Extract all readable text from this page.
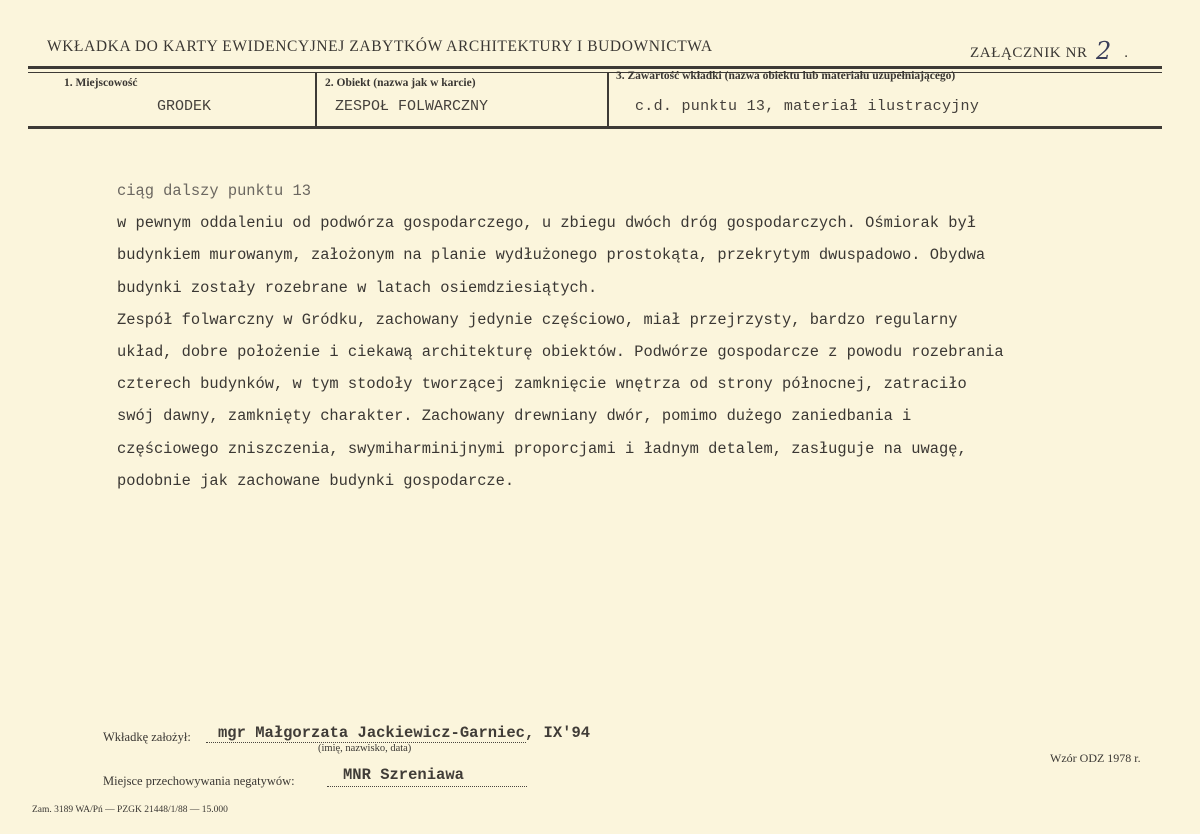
WKŁADKA DO KARTY EWIDENCYJNEJ ZABYTKÓW ARCHITEKTURY I BUDOWNICTWA	ZAŁĄCZNIK NR 2 .
1. Miejscowość
GRODEK
2. Obiekt (nazwa jak w karcie)
ZESPOŁ FOLWARCZNY
3. Zawartość wkładki (nazwa obiektu lub materiału uzupełniającego)
c.d. punktu 13, materiał ilustracyjny
ciąg dalszy punktu 13
w pewnym oddaleniu od podwórza gospodarczego, u zbiegu dwóch dróg gospodarczych. Ośmiorak był
budynkiem murowanym, założonym na planie wydłużonego prostokąta, przekrytym dwuspadowo. Obydwa
budynki zostały rozebrane w latach osiemdziesiątych.
Zespół folwarczny w Gródku, zachowany jedynie częściowo, miał przejrzysty, bardzo regularny
układ, dobre położenie i ciekawą architekturę obiektów. Podwórze gospodarcze z powodu rozebrania
czterech budynków, w tym stodoły tworzącej zamknięcie wnętrza od strony północnej, zatraciło
swój dawny, zamknięty charakter. Zachowany drewniany dwór, pomimo dużego zaniedbania i
częściowego zniszczenia, swymiharminijnymi proporcjami i ładnym detalem, zasługuje na uwagę,
podobnie jak zachowane budynki gospodarcze.
Wkładkę założył: mgr Małgorzata Jackiewicz-Garniec, IX'94
(imię, nazwisko, data)
Wzór ODZ 1978 r.
Miejsce przechowywania negatywów:	MNR Szreniawa
Zam. 3189 WA/Pń — PZGK 21448/1/88 — 15.000
